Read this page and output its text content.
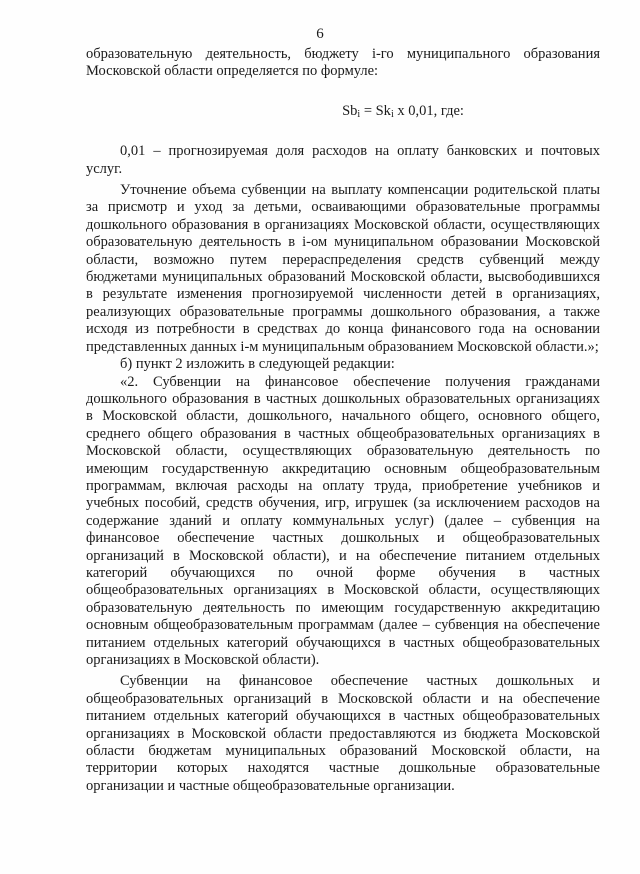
6

образовательную деятельность, бюджету i-го муниципального образования Московской области определяется по формуле:

$Sb_i = Sk_i$ x 0,01, где:

0,01 – прогнозируемая доля расходов на оплату банковских и почтовых услуг.

Уточнение объема субвенции на выплату компенсации родительской платы за присмотр и уход за детьми, осваивающими образовательные программы дошкольного образования в организациях Московской области, осуществляющих образовательную деятельность в i-ом муниципальном образовании Московской области, возможно путем перераспределения средств субвенций между бюджетами муниципальных образований Московской области, высвободившихся в результате изменения прогнозируемой численности детей в организациях, реализующих образовательные программы дошкольного образования, а также исходя из потребности в средствах до конца финансового года на основании представленных данных i-м муниципальным образованием Московской области.»;

б) пункт 2 изложить в следующей редакции:

«2. Субвенции на финансовое обеспечение получения гражданами дошкольного образования в частных дошкольных образовательных организациях в Московской области, дошкольного, начального общего, основного общего, среднего общего образования в частных общеобразовательных организациях в Московской области, осуществляющих образовательную деятельность по имеющим государственную аккредитацию основным общеобразовательным программам, включая расходы на оплату труда, приобретение учебников и учебных пособий, средств обучения, игр, игрушек (за исключением расходов на содержание зданий и оплату коммунальных услуг) (далее – субвенция на финансовое обеспечение частных дошкольных и общеобразовательных организаций в Московской области), и на обеспечение питанием отдельных категорий обучающихся по очной форме обучения в частных общеобразовательных организациях в Московской области, осуществляющих образовательную деятельность по имеющим государственную аккредитацию основным общеобразовательным программам (далее – субвенция на обеспечение питанием отдельных категорий обучающихся в частных общеобразовательных организациях в Московской области).

Субвенции на финансовое обеспечение частных дошкольных и общеобразовательных организаций в Московской области и на обеспечение питанием отдельных категорий обучающихся в частных общеобразовательных организациях в Московской области предоставляются из бюджета Московской области бюджетам муниципальных образований Московской области, на территории которых находятся частные дошкольные образовательные организации и частные общеобразовательные организации.
